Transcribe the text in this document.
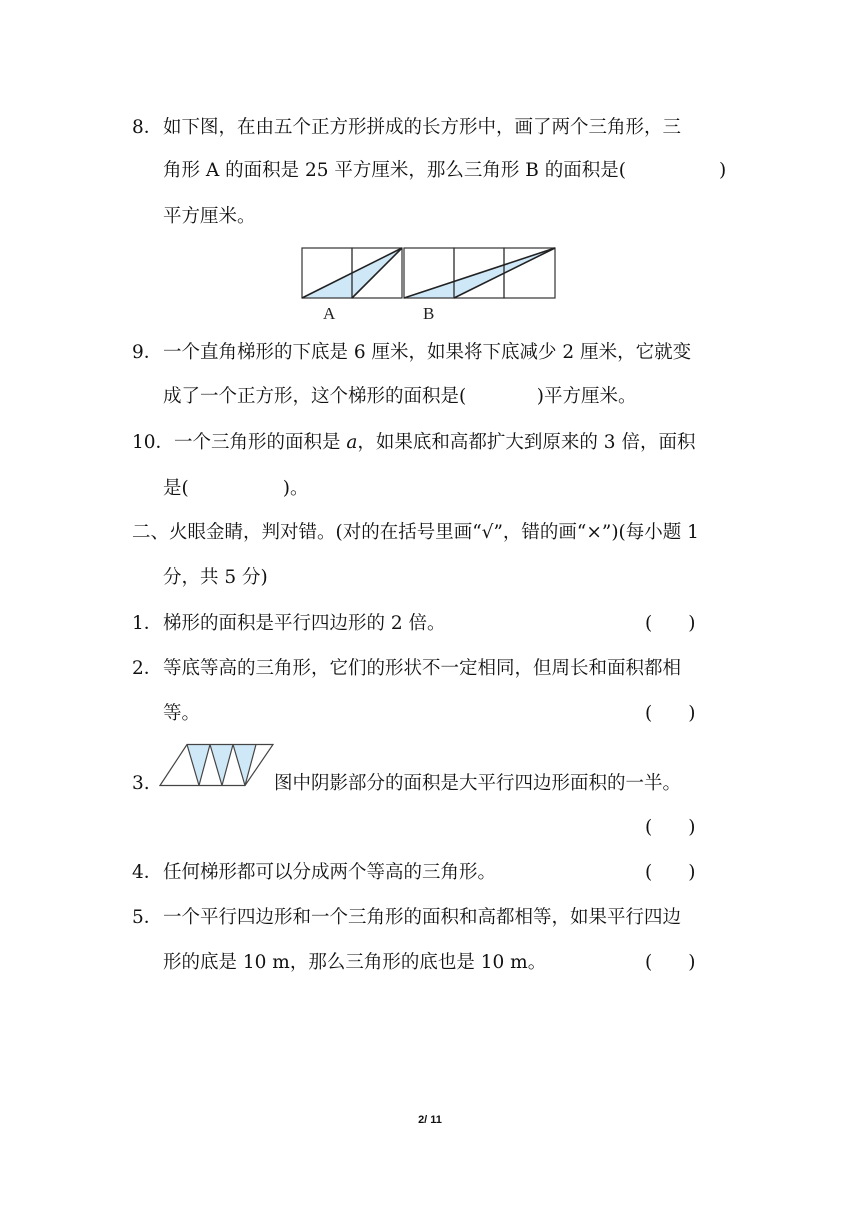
8． 如下图，在由五个正方形拼成的长方形中，画了两个三角形，三
角形 A 的面积是 25 平方厘米，那么三角形 B 的面积是(	)
平方厘米。
A	B
9． 一个直角梯形的下底是 6 厘米，如果将下底减少 2 厘米，它就变
成了一个正方形，这个梯形的面积是(            )平方厘米。
10． 一个三角形的面积是 a，如果底和高都扩大到原来的 3 倍，面积
是(                )。
二、火眼金睛，判对错。(对的在括号里画“√”，错的画“×”)(每小题 1
分，共 5 分)
1． 梯形的面积是平行四边形的 2 倍。	( )
2． 等底等高的三角形，它们的形状不一定相同，但周长和面积都相
等。	( )
3.	图中阴影部分的面积是大平行四边形面积的一半。
( )
4． 任何梯形都可以分成两个等高的三角形。	( )
5． 一个平行四边形和一个三角形的面积和高都相等，如果平行四边
形的底是 10 m，那么三角形的底也是 10 m。	( )
2/ 11
